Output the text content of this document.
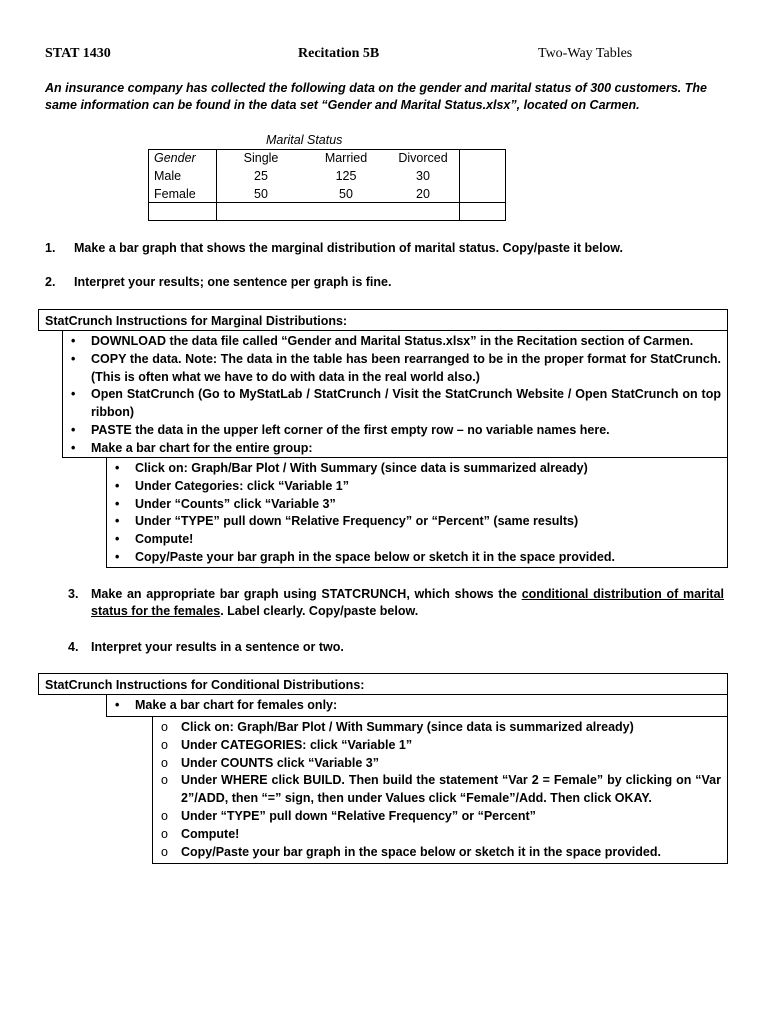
STAT 1430	Recitation 5B	Two-Way Tables
An insurance company has collected the following data on the gender and marital status of 300 customers. The same information can be found in the data set “Gender and Marital Status.xlsx”, located on Carmen.
Marital Status
Gender	Single	Married	Divorced	
Male	25	125	30	
Female	50	50	20	

1. Make a bar graph that shows the marginal distribution of marital status. Copy/paste it below.
2. Interpret your results; one sentence per graph is fine.
StatCrunch Instructions for Marginal Distributions:
• DOWNLOAD the data file called “Gender and Marital Status.xlsx” in the Recitation section of Carmen.
• COPY the data. Note: The data in the table has been rearranged to be in the proper format for StatCrunch. (This is often what we have to do with data in the real world also.)
• Open StatCrunch (Go to MyStatLab / StatCrunch / Visit the StatCrunch Website / Open StatCrunch on top ribbon)
• PASTE the data in the upper left corner of the first empty row – no variable names here.
• Make a bar chart for the entire group:
• Click on: Graph/Bar Plot / With Summary (since data is summarized already)
• Under Categories: click “Variable 1”
• Under “Counts” click “Variable 3”
• Under “TYPE” pull down “Relative Frequency” or “Percent” (same results)
• Compute!
• Copy/Paste your bar graph in the space below or sketch it in the space provided.
3. Make an appropriate bar graph using STATCRUNCH, which shows the conditional distribution of marital status for the females. Label clearly. Copy/paste below.
4. Interpret your results in a sentence or two.
StatCrunch Instructions for Conditional Distributions:
• Make a bar chart for females only:
o Click on: Graph/Bar Plot / With Summary (since data is summarized already)
o Under CATEGORIES: click “Variable 1”
o Under COUNTS click “Variable 3”
o Under WHERE click BUILD. Then build the statement “Var 2 = Female” by clicking on “Var 2”/ADD, then “=” sign, then under Values click “Female”/Add. Then click OKAY.
o Under “TYPE” pull down “Relative Frequency” or “Percent”
o Compute!
o Copy/Paste your bar graph in the space below or sketch it in the space provided.
